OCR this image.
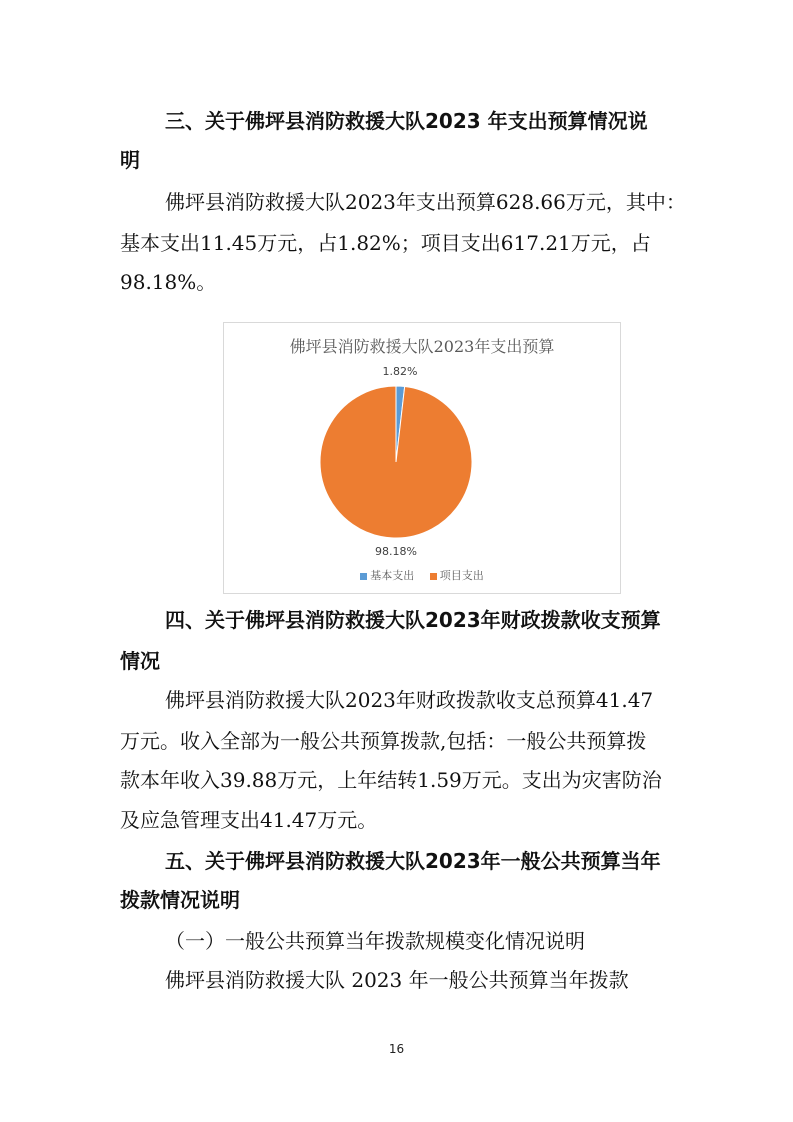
三、关于佛坪县消防救援大队2023 年支出预算情况说
明
佛坪县消防救援大队2023年支出预算628.66万元，其中：
基本支出11.45万元，占1.82%；项目支出617.21万元，占
98.18%。
佛坪县消防救援大队2023年支出预算
1.82%
98.18%
基本支出 项目支出
四、关于佛坪县消防救援大队2023年财政拨款收支预算
情况
佛坪县消防救援大队2023年财政拨款收支总预算41.47
万元。收入全部为一般公共预算拨款,包括：一般公共预算拨
款本年收入39.88万元，上年结转1.59万元。支出为灾害防治
及应急管理支出41.47万元。
五、关于佛坪县消防救援大队2023年一般公共预算当年
拨款情况说明
（一）一般公共预算当年拨款规模变化情况说明
佛坪县消防救援大队 2023 年一般公共预算当年拨款
16
